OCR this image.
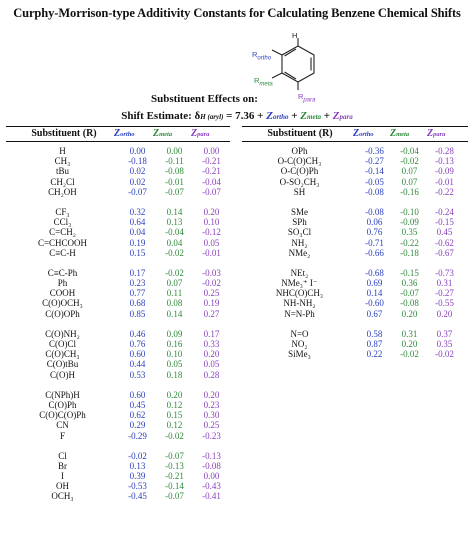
Curphy-Morrison-type Additivity Constants for Calculating Benzene Chemical Shifts
H
$R_{ortho}$
$R_{meta}$
$R_{para}$
Substituent Effects on:
Shift Estimate: δH (aryl) = 7.36 + Zortho + Zmeta + Zpara
Substituent (R)	Zortho Zmeta Zpara	Substituent (R)	Zortho Zmeta Zpara
H	0.00	0.00	0.00
CH₃	-0.18	-0.11	-0.21
tBu	0.02	-0.08	-0.21
CH₂Cl	0.02	-0.01	-0.04
CH₂OH	-0.07	-0.07	-0.07
CF₃	0.32	0.14	0.20
CCl₃	0.64	0.13	0.10
C=CH₂	0.04	-0.04	-0.12
C=CHCOOH	0.19	0.04	0.05
C≡C-H	0.15	-0.02	-0.01
C≡C-Ph	0.17	-0.02	-0.03
Ph	0.23	0.07	-0.02
COOH	0.77	0.11	0.25
C(O)OCH₃	0.68	0.08	0.19
C(O)OPh	0.85	0.14	0.27
C(O)NH₂	0.46	0.09	0.17
C(O)Cl	0.76	0.16	0.33
C(O)CH₃	0.60	0.10	0.20
C(O)tBu	0.44	0.05	0.05
C(O)H	0.53	0.18	0.28
C(NPh)H	0.60	0.20	0.20
C(O)Ph	0.45	0.12	0.23
C(O)C(O)Ph	0.62	0.15	0.30
CN	0.29	0.12	0.25
F	-0.29	-0.02	-0.23
Cl	-0.02	-0.07	-0.13
Br	0.13	-0.13	-0.08
I	0.39	-0.21	0.00
OH	-0.53	-0.14	-0.43
OCH₃	-0.45	-0.07	-0.41
OPh	-0.36	-0.04	-0.28
O-C(O)CH₃	-0.27	-0.02	-0.13
O-C(O)Ph	-0.14	0.07	-0.09
O-SO₂CH₃	-0.05	0.07	-0.01
SH	-0.08	-0.16	-0.22
SMe	-0.08	-0.10	-0.24
SPh	0.06	-0.09	-0.15
SO₃Cl	0.76	0.35	0.45
NH₂	-0.71	-0.22	-0.62
NMe₂	-0.66	-0.18	-0.67
NEt₂	-0.68	-0.15	-0.73
NMe₃⁺ I⁻	0.69	0.36	0.31
NHC(O)CH₃	0.14	-0.07	-0.27
NH-NH₂	-0.60	-0.08	-0.55
N=N-Ph	0.67	0.20	0.20
N=O	0.58	0.31	0.37
NO₂	0.87	0.20	0.35
SiMe₃	0.22	-0.02	-0.02
